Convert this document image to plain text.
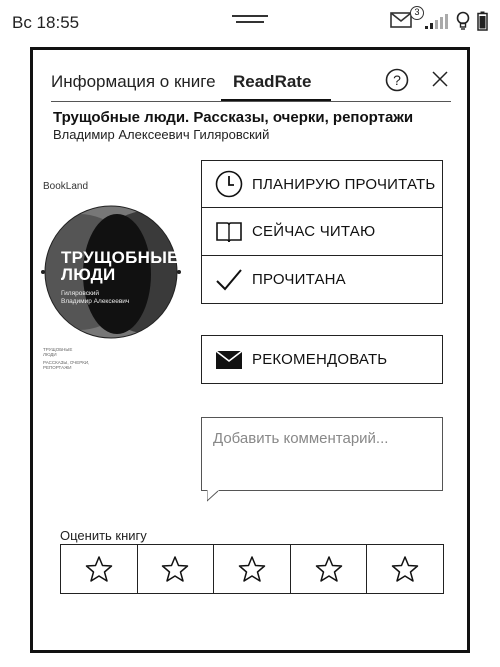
Вс 18:55
3
Информация о книге ReadRate	?
Трущобные люди. Рассказы, очерки, репортажи
Владимир Алексеевич Гиляровский
BookLand
ТРУЩОБНЫЕ
ЛЮДИ
Гиляровский
Владимир Алексеевич
ТРУЩОБНЫЕ
ЛЮДИ
РАССКАЗЫ, ОЧЕРКИ,
РЕПОРТАЖИ
ПЛАНИРУЮ ПРОЧИТАТЬ
СЕЙЧАС ЧИТАЮ
ПРОЧИТАНА
РЕКОМЕНДОВАТЬ
Добавить комментарий...
Оценить книгу
